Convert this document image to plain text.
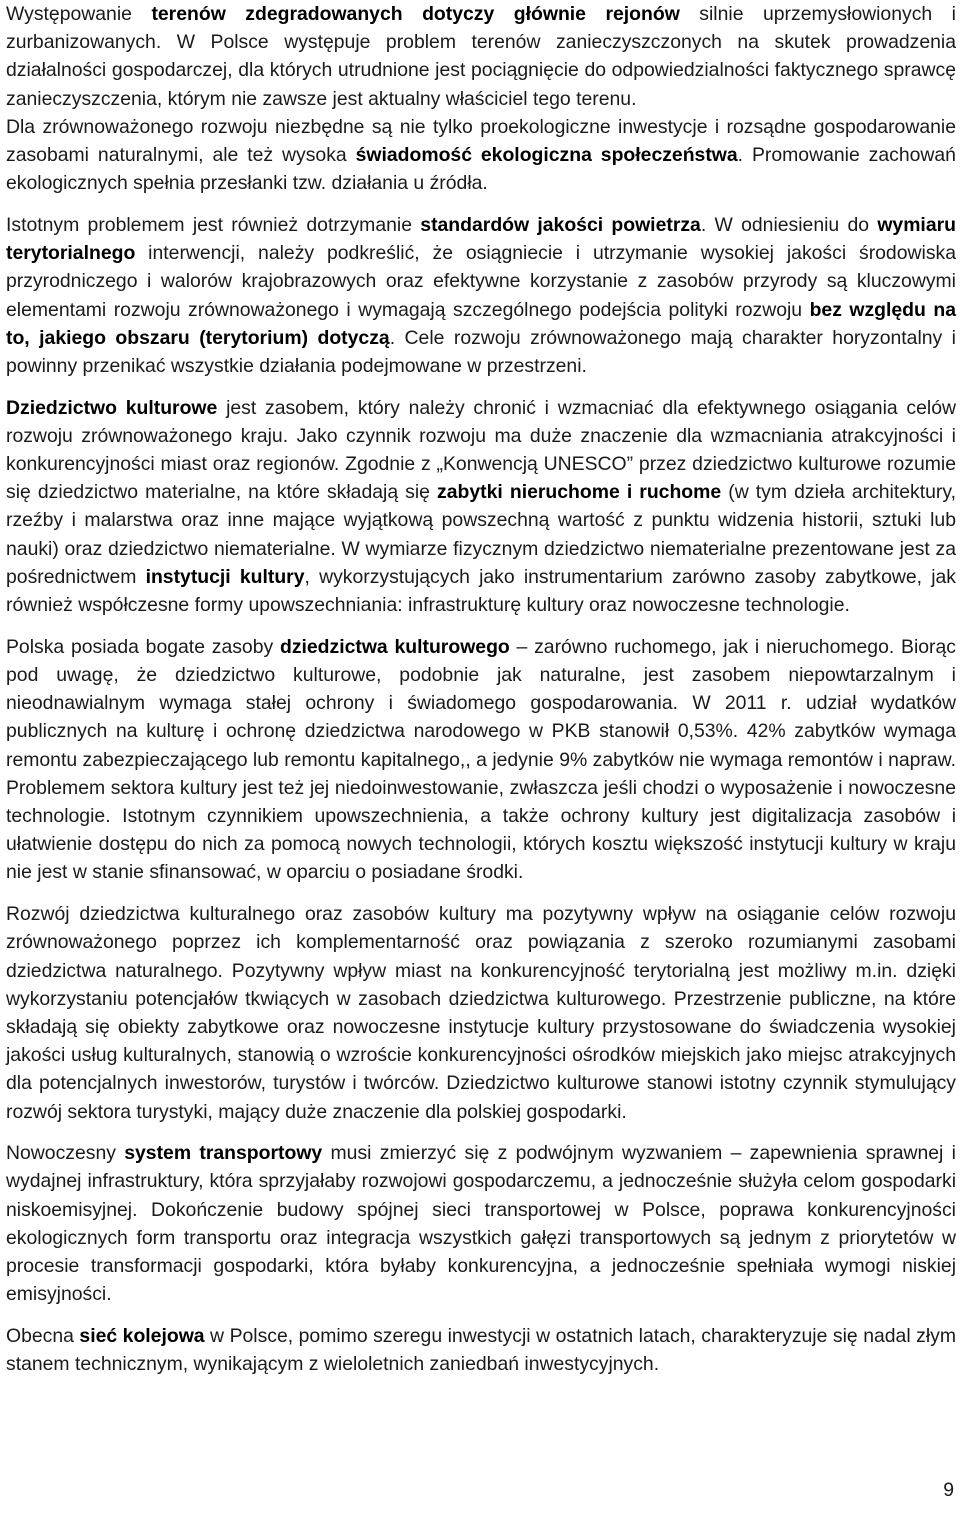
Występowanie terenów zdegradowanych dotyczy głównie rejonów silnie uprzemysłowionych i zurbanizowanych. W Polsce występuje problem terenów zanieczyszczonych na skutek prowadzenia działalności gospodarczej, dla których utrudnione jest pociągnięcie do odpowiedzialności faktycznego sprawcę zanieczyszczenia, którym nie zawsze jest aktualny właściciel tego terenu.

Dla zrównoważonego rozwoju niezbędne są nie tylko proekologiczne inwestycje i rozsądne gospodarowanie zasobami naturalnymi, ale też wysoka świadomość ekologiczna społeczeństwa. Promowanie zachowań ekologicznych spełnia przesłanki tzw. działania u źródła.

Istotnym problemem jest również dotrzymanie standardów jakości powietrza. W odniesieniu do wymiaru terytorialnego interwencji, należy podkreślić, że osiągniecie i utrzymanie wysokiej jakości środowiska przyrodniczego i walorów krajobrazowych oraz efektywne korzystanie z zasobów przyrody są kluczowymi elementami rozwoju zrównoważonego i wymagają szczególnego podejścia polityki rozwoju bez względu na to, jakiego obszaru (terytorium) dotyczą. Cele rozwoju zrównoważonego mają charakter horyzontalny i powinny przenikać wszystkie działania podejmowane w przestrzeni.

Dziedzictwo kulturowe jest zasobem, który należy chronić i wzmacniać dla efektywnego osiągania celów rozwoju zrównoważonego kraju. Jako czynnik rozwoju ma duże znaczenie dla wzmacniania atrakcyjności i konkurencyjności miast oraz regionów. Zgodnie z „Konwencją UNESCO” przez dziedzictwo kulturowe rozumie się dziedzictwo materialne, na które składają się zabytki nieruchome i ruchome (w tym dzieła architektury, rzeźby i malarstwa oraz inne mające wyjątkową powszechną wartość z punktu widzenia historii, sztuki lub nauki) oraz dziedzictwo niematerialne. W wymiarze fizycznym dziedzictwo niematerialne prezentowane jest za pośrednictwem instytucji kultury, wykorzystujących jako instrumentarium zarówno zasoby zabytkowe, jak również współczesne formy upowszechniania: infrastrukturę kultury oraz nowoczesne technologie.

Polska posiada bogate zasoby dziedzictwa kulturowego – zarówno ruchomego, jak i nieruchomego. Biorąc pod uwagę, że dziedzictwo kulturowe, podobnie jak naturalne, jest zasobem niepowtarzalnym i nieodnawialnym wymaga stałej ochrony i świadomego gospodarowania. W 2011 r. udział wydatków publicznych na kulturę i ochronę dziedzictwa narodowego w PKB stanowił 0,53%. 42% zabytków wymaga remontu zabezpieczającego lub remontu kapitalnego,, a jedynie 9% zabytków nie wymaga remontów i napraw. Problemem sektora kultury jest też jej niedoinwestowanie, zwłaszcza jeśli chodzi o wyposażenie i nowoczesne technologie. Istotnym czynnikiem upowszechnienia, a także ochrony kultury jest digitalizacja zasobów i ułatwienie dostępu do nich za pomocą nowych technologii, których kosztu większość instytucji kultury w kraju nie jest w stanie sfinansować, w oparciu o posiadane środki.

Rozwój dziedzictwa kulturalnego oraz zasobów kultury ma pozytywny wpływ na osiąganie celów rozwoju zrównoważonego poprzez ich komplementarność oraz powiązania z szeroko rozumianymi zasobami dziedzictwa naturalnego. Pozytywny wpływ miast na konkurencyjność terytorialną jest możliwy m.in. dzięki wykorzystaniu potencjałów tkwiących w zasobach dziedzictwa kulturowego. Przestrzenie publiczne, na które składają się obiekty zabytkowe oraz nowoczesne instytucje kultury przystosowane do świadczenia wysokiej jakości usług kulturalnych, stanowią o wzroście konkurencyjności ośrodków miejskich jako miejsc atrakcyjnych dla potencjalnych inwestorów, turystów i twórców. Dziedzictwo kulturowe stanowi istotny czynnik stymulujący rozwój sektora turystyki, mający duże znaczenie dla polskiej gospodarki.

Nowoczesny system transportowy musi zmierzyć się z podwójnym wyzwaniem – zapewnienia sprawnej i wydajnej infrastruktury, która sprzyjałaby rozwojowi gospodarczemu, a jednocześnie służyła celom gospodarki niskoemisyjnej. Dokończenie budowy spójnej sieci transportowej w Polsce, poprawa konkurencyjności ekologicznych form transportu oraz integracja wszystkich gałęzi transportowych są jednym z priorytetów w procesie transformacji gospodarki, która byłaby konkurencyjna, a jednocześnie spełniała wymogi niskiej emisyjności.

Obecna sieć kolejowa w Polsce, pomimo szeregu inwestycji w ostatnich latach, charakteryzuje się nadal złym stanem technicznym, wynikającym z wieloletnich zaniedbań inwestycyjnych.

9
